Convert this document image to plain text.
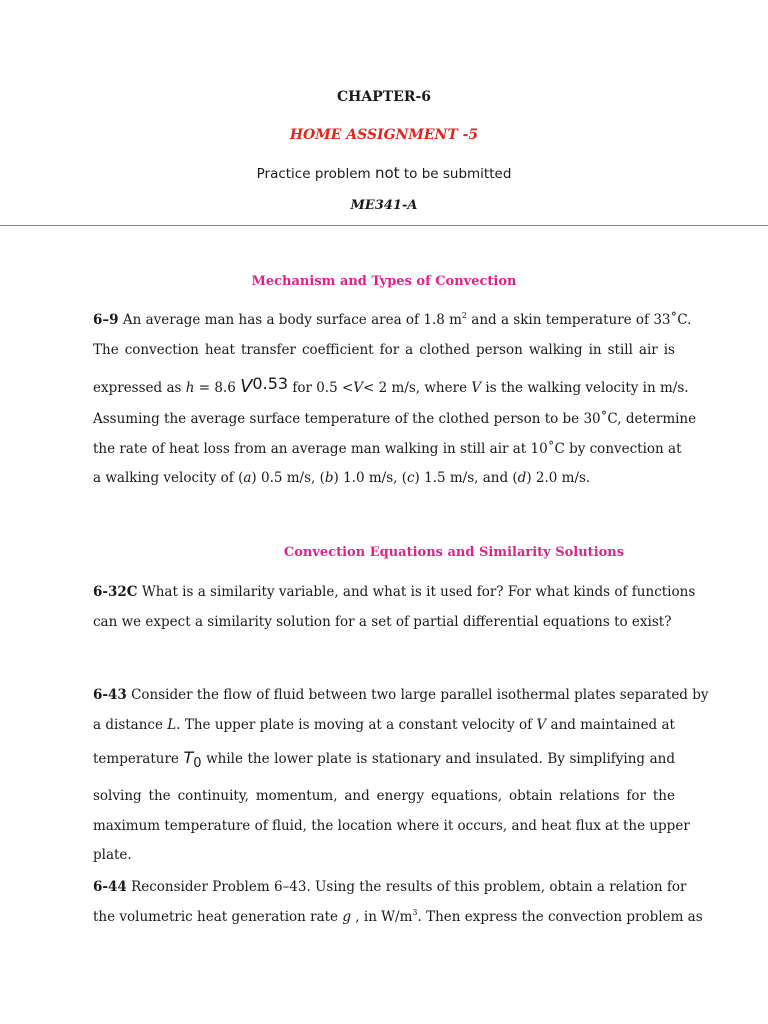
CHAPTER-6
HOME ASSIGNMENT -5
Practice problem not to be submitted
ME341-A
Mechanism and Types of Convection
6–9 An average man has a body surface area of 1.8 $m^2$ and a skin temperature of 33˚C.
The convection heat transfer coefficient for a clothed person walking in still air is
expressed as h = 8.6 V0.53 for 0.5 <V< 2 m/s, where V is the walking velocity in m/s.
Assuming the average surface temperature of the clothed person to be 30˚C, determine
the rate of heat loss from an average man walking in still air at 10˚C by convection at
a walking velocity of (a) 0.5 m/s, (b) 1.0 m/s, (c) 1.5 m/s, and (d) 2.0 m/s.
Convection Equations and Similarity Solutions
6-32C What is a similarity variable, and what is it used for? For what kinds of functions
can we expect a similarity solution for a set of partial differential equations to exist?
6-43 Consider the flow of fluid between two large parallel isothermal plates separated by
a distance L. The upper plate is moving at a constant velocity of V and maintained at
temperature T0 while the lower plate is stationary and insulated. By simplifying and
solving the continuity, momentum, and energy equations, obtain relations for the
maximum temperature of fluid, the location where it occurs, and heat flux at the upper
plate.
6-44 Reconsider Problem 6–43. Using the results of this problem, obtain a relation for
the volumetric heat generation rate g , in $W/m^3$. Then express the convection problem as
